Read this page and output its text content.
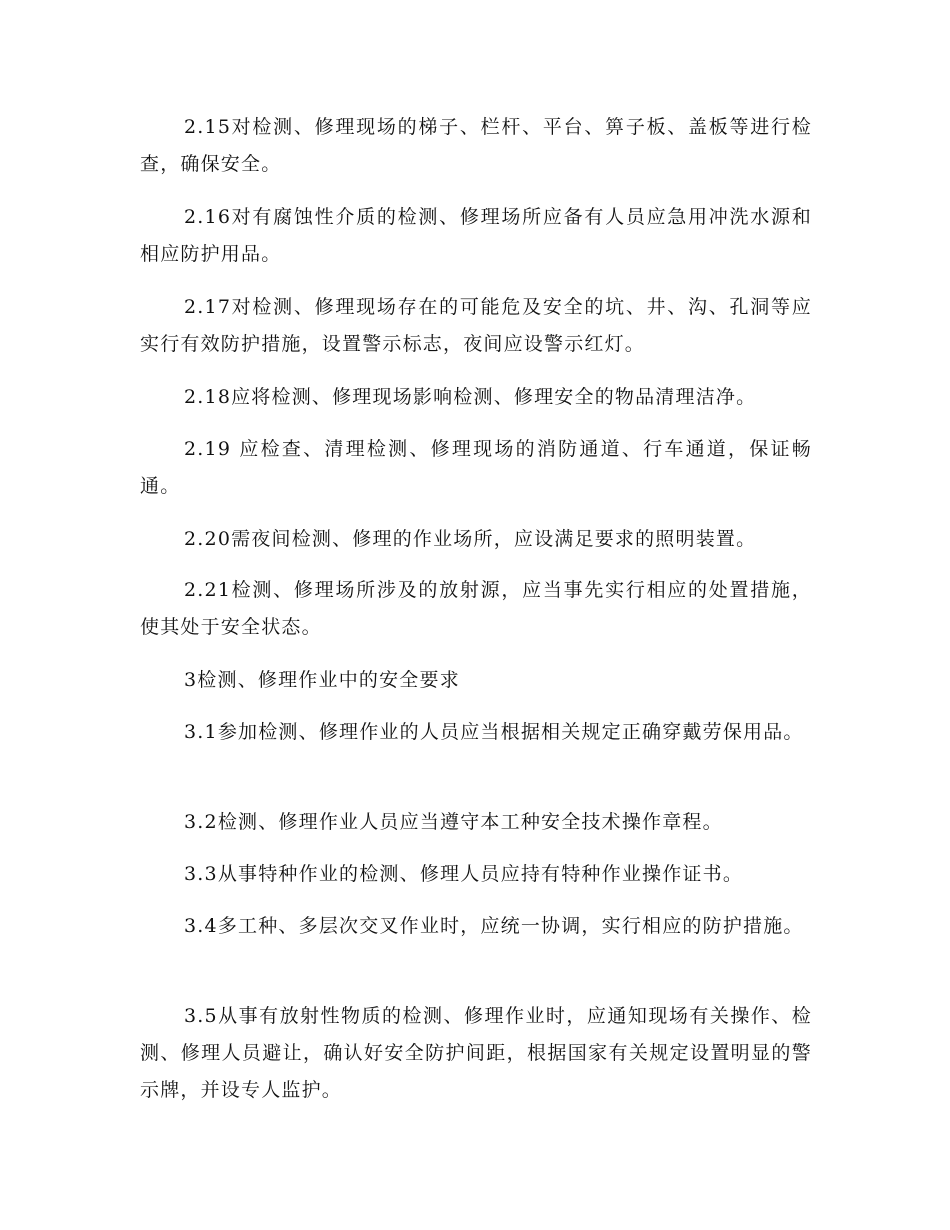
2.15对检测、修理现场的梯子、栏杆、平台、箅子板、盖板等进行检查，确保安全。

2.16对有腐蚀性介质的检测、修理场所应备有人员应急用冲洗水源和相应防护用品。

2.17对检测、修理现场存在的可能危及安全的坑、井、沟、孔洞等应实行有效防护措施，设置警示标志，夜间应设警示红灯。

2.18应将检测、修理现场影响检测、修理安全的物品清理洁净。

2.19 应检查、清理检测、修理现场的消防通道、行车通道，保证畅通。

2.20需夜间检测、修理的作业场所，应设满足要求的照明装置。

2.21检测、修理场所涉及的放射源，应当事先实行相应的处置措施，使其处于安全状态。

3检测、修理作业中的安全要求

3.1参加检测、修理作业的人员应当根据相关规定正确穿戴劳保用品。

3.2检测、修理作业人员应当遵守本工种安全技术操作章程。

3.3从事特种作业的检测、修理人员应持有特种作业操作证书。

3.4多工种、多层次交叉作业时，应统一协调，实行相应的防护措施。

3.5从事有放射性物质的检测、修理作业时，应通知现场有关操作、检测、修理人员避让，确认好安全防护间距，根据国家有关规定设置明显的警示牌，并设专人监护。
